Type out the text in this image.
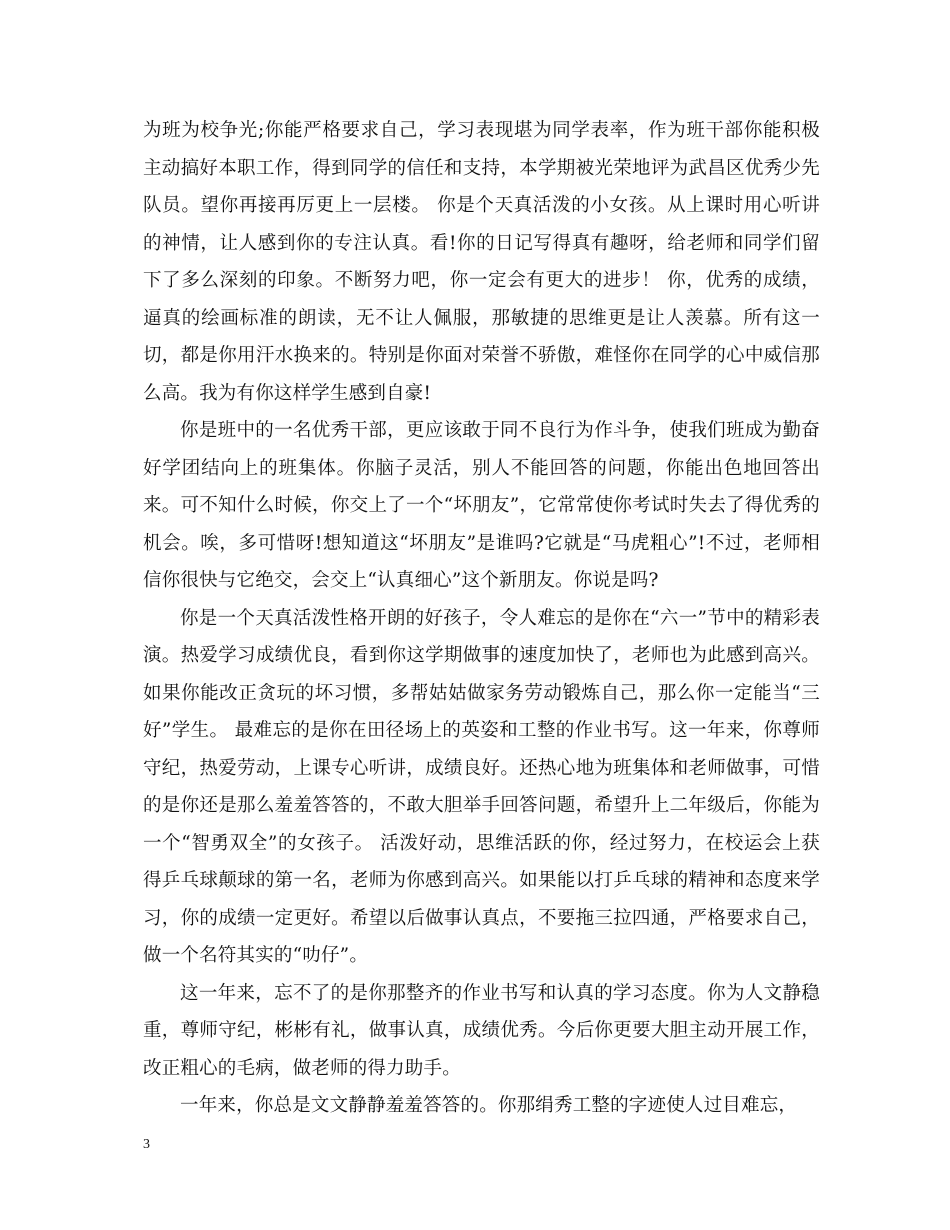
为班为校争光;你能严格要求自己，学习表现堪为同学表率，作为班干部你能积极主动搞好本职工作，得到同学的信任和支持，本学期被光荣地评为武昌区优秀少先队员。望你再接再厉更上一层楼。 你是个天真活泼的小女孩。从上课时用心听讲的神情，让人感到你的专注认真。看!你的日记写得真有趣呀，给老师和同学们留下了多么深刻的印象。不断努力吧，你一定会有更大的进步！ 你，优秀的成绩，逼真的绘画标准的朗读，无不让人佩服，那敏捷的思维更是让人羡慕。所有这一切，都是你用汗水换来的。特别是你面对荣誉不骄傲，难怪你在同学的心中威信那么高。我为有你这样学生感到自豪!

你是班中的一名优秀干部，更应该敢于同不良行为作斗争，使我们班成为勤奋好学团结向上的班集体。你脑子灵活，别人不能回答的问题，你能出色地回答出来。可不知什么时候，你交上了一个“坏朋友”，它常常使你考试时失去了得优秀的机会。唉，多可惜呀!想知道这“坏朋友”是谁吗?它就是“马虎粗心”!不过，老师相信你很快与它绝交，会交上“认真细心”这个新朋友。你说是吗?

你是一个天真活泼性格开朗的好孩子，令人难忘的是你在“六一”节中的精彩表演。热爱学习成绩优良，看到你这学期做事的速度加快了，老师也为此感到高兴。如果你能改正贪玩的坏习惯，多帮姑姑做家务劳动锻炼自己，那么你一定能当“三好”学生。 最难忘的是你在田径场上的英姿和工整的作业书写。这一年来，你尊师守纪，热爱劳动，上课专心听讲，成绩良好。还热心地为班集体和老师做事，可惜的是你还是那么羞羞答答的，不敢大胆举手回答问题，希望升上二年级后，你能为一个“智勇双全”的女孩子。 活泼好动，思维活跃的你，经过努力，在校运会上获得乒乓球颠球的第一名，老师为你感到高兴。如果能以打乒乓球的精神和态度来学习，你的成绩一定更好。希望以后做事认真点，不要拖三拉四通，严格要求自己，做一个名符其实的“叻仔”。

这一年来，忘不了的是你那整齐的作业书写和认真的学习态度。你为人文静稳重，尊师守纪，彬彬有礼，做事认真，成绩优秀。今后你更要大胆主动开展工作，改正粗心的毛病，做老师的得力助手。

一年来，你总是文文静静羞羞答答的。你那绢秀工整的字迹使人过目难忘，

3
